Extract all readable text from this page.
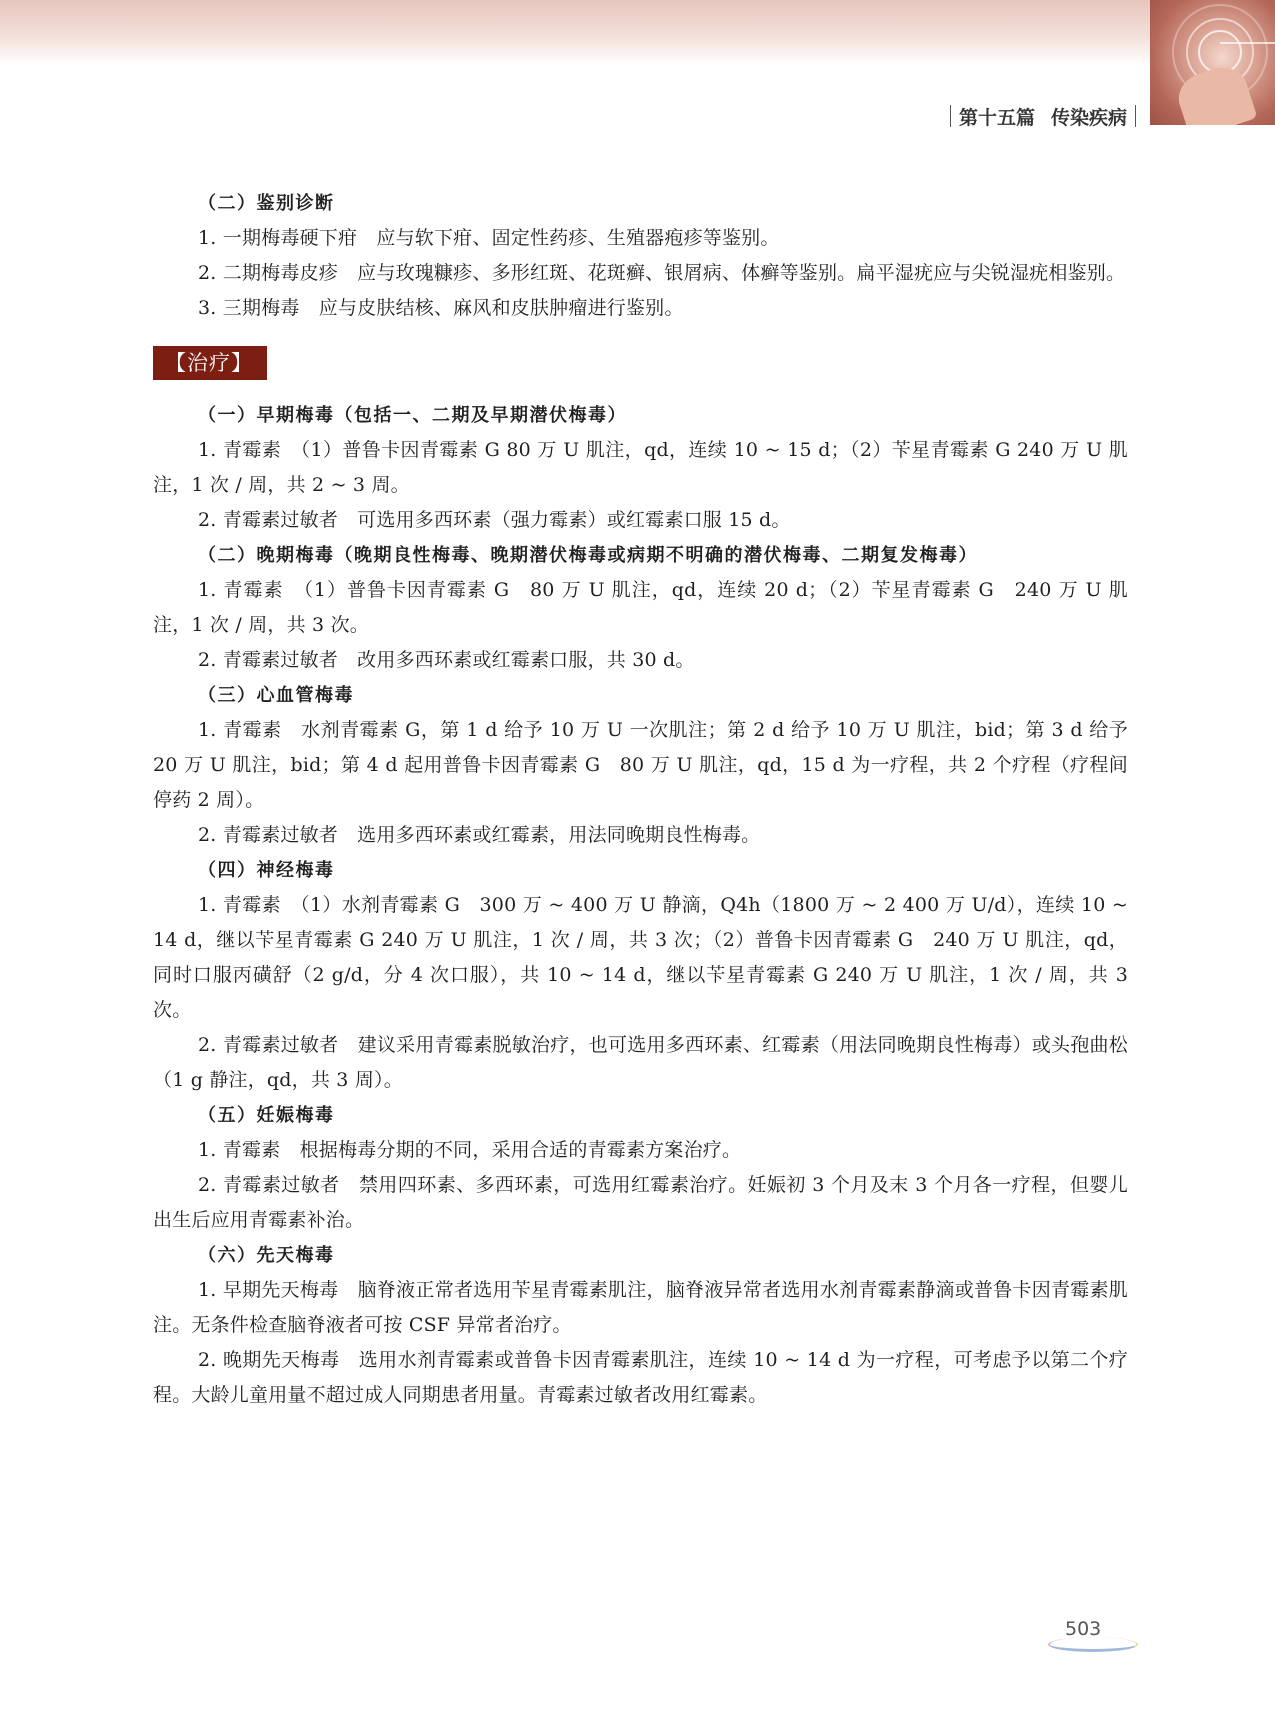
第十五篇 传染疾病

（二）鉴别诊断

1. 一期梅毒硬下疳　应与软下疳、固定性药疹、生殖器疱疹等鉴别。

2. 二期梅毒皮疹　应与玫瑰糠疹、多形红斑、花斑癣、银屑病、体癣等鉴别。扁平湿疣应与尖锐湿疣相鉴别。

3. 三期梅毒　应与皮肤结核、麻风和皮肤肿瘤进行鉴别。

【治疗】

（一）早期梅毒（包括一、二期及早期潜伏梅毒）

1. 青霉素　（1）普鲁卡因青霉素 G 80 万 U 肌注，qd，连续 10 ~ 15 d；（2）苄星青霉素 G 240 万 U 肌注，1 次 / 周，共 2 ~ 3 周。

2. 青霉素过敏者　可选用多西环素（强力霉素）或红霉素口服 15 d。

（二）晚期梅毒（晚期良性梅毒、晚期潜伏梅毒或病期不明确的潜伏梅毒、二期复发梅毒）

1. 青霉素　（1）普鲁卡因青霉素 G　80 万 U 肌注，qd，连续 20 d；（2）苄星青霉素 G　240 万 U 肌注，1 次 / 周，共 3 次。

2. 青霉素过敏者　改用多西环素或红霉素口服，共 30 d。

（三）心血管梅毒

1. 青霉素　水剂青霉素 G，第 1 d 给予 10 万 U 一次肌注；第 2 d 给予 10 万 U 肌注，bid；第 3 d 给予 20 万 U 肌注，bid；第 4 d 起用普鲁卡因青霉素 G　80 万 U 肌注，qd，15 d 为一疗程，共 2 个疗程（疗程间停药 2 周）。

2. 青霉素过敏者　选用多西环素或红霉素，用法同晚期良性梅毒。

（四）神经梅毒

1. 青霉素　（1）水剂青霉素 G　300 万 ~ 400 万 U 静滴，Q4h（1800 万 ~ 2 400 万 U/d），连续 10 ~ 14 d，继以苄星青霉素 G 240 万 U 肌注，1 次 / 周，共 3 次；（2）普鲁卡因青霉素 G　240 万 U 肌注，qd，同时口服丙磺舒（2 g/d，分 4 次口服），共 10 ~ 14 d，继以苄星青霉素 G 240 万 U 肌注，1 次 / 周，共 3 次。

2. 青霉素过敏者　建议采用青霉素脱敏治疗，也可选用多西环素、红霉素（用法同晚期良性梅毒）或头孢曲松（1 g 静注，qd，共 3 周）。

（五）妊娠梅毒

1. 青霉素　根据梅毒分期的不同，采用合适的青霉素方案治疗。

2. 青霉素过敏者　禁用四环素、多西环素，可选用红霉素治疗。妊娠初 3 个月及末 3 个月各一疗程，但婴儿出生后应用青霉素补治。

（六）先天梅毒

1. 早期先天梅毒　脑脊液正常者选用苄星青霉素肌注，脑脊液异常者选用水剂青霉素静滴或普鲁卡因青霉素肌注。无条件检查脑脊液者可按 CSF 异常者治疗。

2. 晚期先天梅毒　选用水剂青霉素或普鲁卡因青霉素肌注，连续 10 ~ 14 d 为一疗程，可考虑予以第二个疗程。大龄儿童用量不超过成人同期患者用量。青霉素过敏者改用红霉素。

503
